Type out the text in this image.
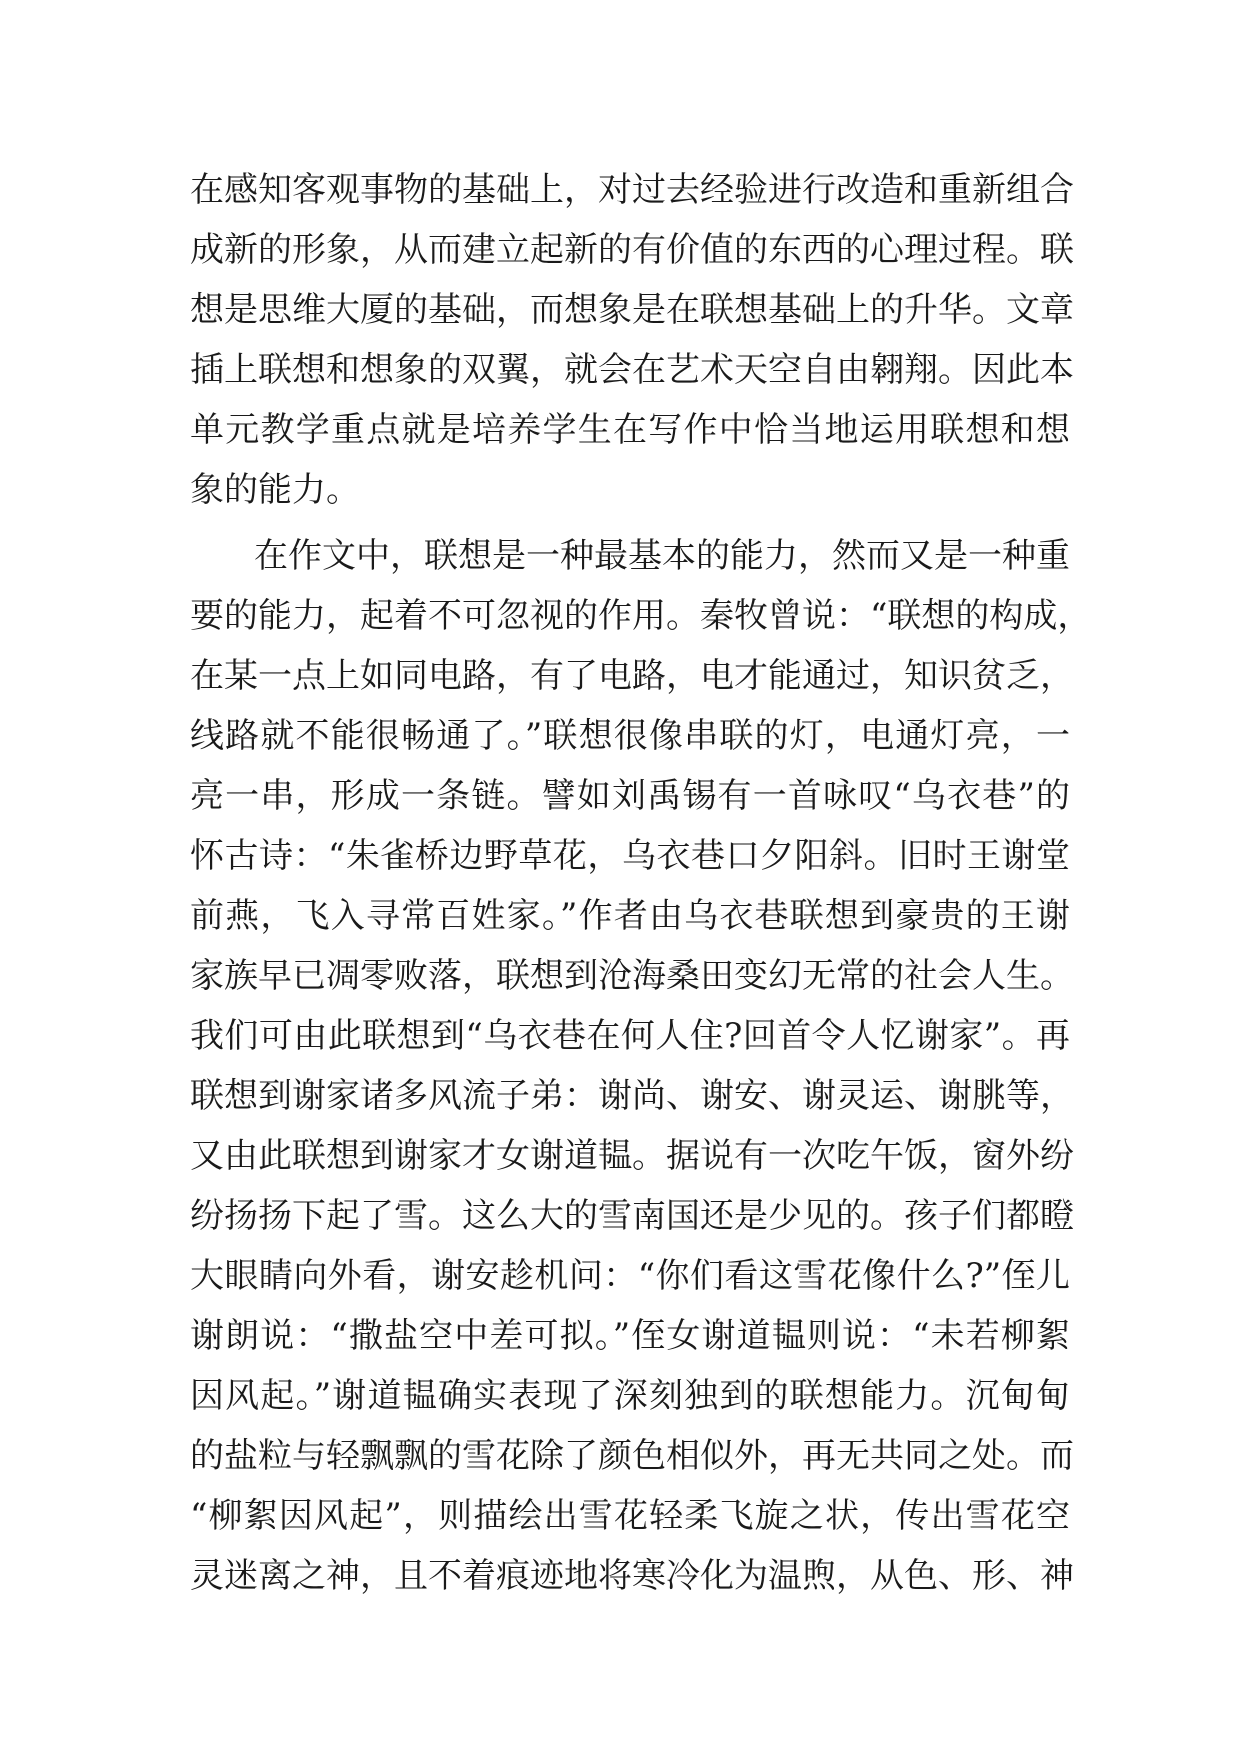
在感知客观事物的基础上，对过去经验进行改造和重新组合
成新的形象，从而建立起新的有价值的东西的心理过程。联
想是思维大厦的基础，而想象是在联想基础上的升华。文章
插上联想和想象的双翼，就会在艺术天空自由翱翔。因此本
单元教学重点就是培养学生在写作中恰当地运用联想和想
象的能力。
在作文中，联想是一种最基本的能力，然而又是一种重
要的能力，起着不可忽视的作用。秦牧曾说：“联想的构成，
在某一点上如同电路，有了电路，电才能通过，知识贫乏，
线路就不能很畅通了。”联想很像串联的灯，电通灯亮，一
亮一串，形成一条链。譬如刘禹锡有一首咏叹“乌衣巷”的
怀古诗：“朱雀桥边野草花，乌衣巷口夕阳斜。旧时王谢堂
前燕，飞入寻常百姓家。”作者由乌衣巷联想到豪贵的王谢
家族早已凋零败落，联想到沧海桑田变幻无常的社会人生。
我们可由此联想到“乌衣巷在何人住?回首令人忆谢家”。再
联想到谢家诸多风流子弟：谢尚、谢安、谢灵运、谢朓等，
又由此联想到谢家才女谢道韫。据说有一次吃午饭，窗外纷
纷扬扬下起了雪。这么大的雪南国还是少见的。孩子们都瞪
大眼睛向外看，谢安趁机问：“你们看这雪花像什么?”侄儿
谢朗说：“撒盐空中差可拟。”侄女谢道韫则说：“未若柳絮
因风起。”谢道韫确实表现了深刻独到的联想能力。沉甸甸
的盐粒与轻飘飘的雪花除了颜色相似外，再无共同之处。而
“柳絮因风起”，则描绘出雪花轻柔飞旋之状，传出雪花空
灵迷离之神，且不着痕迹地将寒冷化为温煦，从色、形、神
